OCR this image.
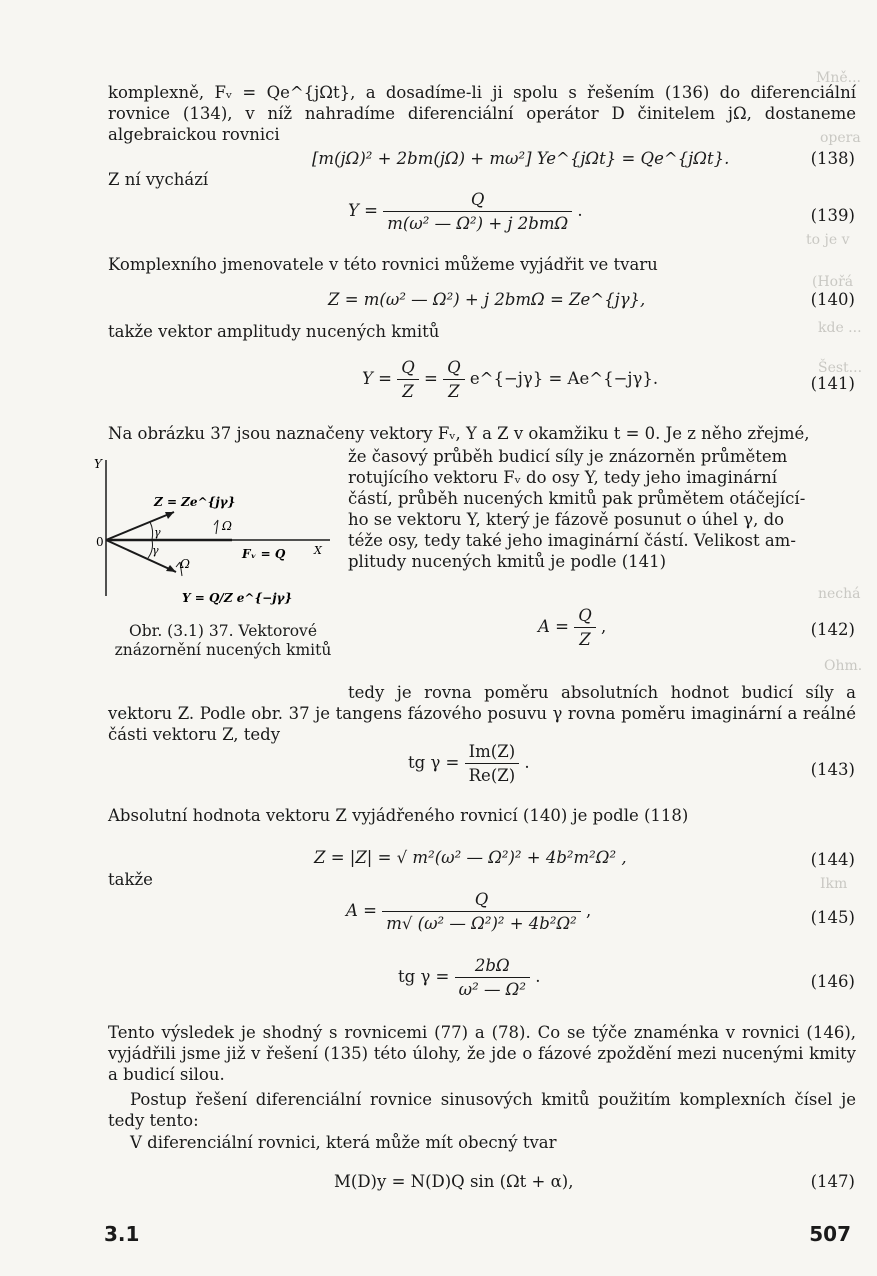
Mně...
opera
to je v
(Hořá
kde ...
Šest...
nechá
Ohm.
Ikm
komplexně, Fᵥ = Qe^{jΩt}, a dosadíme-li ji spolu s řešením (136) do diferenciální rovnice (134), v níž nahradíme diferenciální operátor D činitelem jΩ, dostaneme algebraickou rovnici
[m(jΩ)² + 2bm(jΩ) + mω²] Ye^{jΩt} = Qe^{jΩt}.	(138)
Z ní vychází
$Y = \frac{Q}{\text{m(ω² — Ω²) + j 2bmΩ}}$ .	(139)
Komplexního jmenovatele v této rovnici můžeme vyjádřit ve tvaru
Z = m(ω² — Ω²) + j 2bmΩ = Ze^{jγ},	(140)
takže vektor amplitudy nucených kmitů
$Y = \frac{Q}{Z} = \frac{Q}{Z}$ e^{−jγ} = Ae^{−jγ}.	(141)
Na obrázku 37 jsou naznačeny vektory Fᵥ, Y a Z v okamžiku t = 0. Je z něho zřejmé,
že časový průběh budicí síly je znázorněn průmětem
rotujícího vektoru Fᵥ do osy Y, tedy jeho imaginární
částí, průběh nucených kmitů pak průmětem otáčející-
ho se vektoru Y, který je fázově posunut o úhel γ, do
téže osy, tedy také jeho imaginární částí. Velikost am-
plitudy nucených kmitů je podle (141)
Y
X
0
Z = Ze^{jγ}
Fᵥ = Q
Y = Q/Z e^{−jγ}
Ω
Ω
γ
γ
Obr. (3.1) 37. Vektorové znázornění nucených kmitů
$A = \frac{Q}{Z}$ ,	(142)
tedy je rovna poměru absolutních hodnot budicí síly a vektoru Z. Podle obr. 37 je tangens fázového posuvu γ rovna poměru imaginární a reálné části vektoru Z, tedy
tg $\gamma = \frac{Im(Z)}{Re(Z)}$ .	(143)
Absolutní hodnota vektoru Z vyjádřeného rovnicí (140) je podle (118)
Z = |Z| = √ m²(ω² — Ω²)² + 4b²m²Ω² ,	(144)
takže
$A = \frac{Q}{\text{m√ (ω² — Ω²)² + 4b²Ω²}}$ ,	(145)
tg $\gamma = \frac{2b\Omega}{\text{ω² — Ω²}}$ .	(146)
Tento výsledek je shodný s rovnicemi (77) a (78). Co se týče znaménka v rovnici (146), vyjádřili jsme již v řešení (135) této úlohy, že jde o fázové zpoždění mezi nucenými kmity a budicí silou.
Postup řešení diferenciální rovnice sinusových kmitů použitím komplexních čísel je tedy tento:
V diferenciální rovnici, která může mít obecný tvar
M(D)y = N(D)Q sin (Ωt + α),	(147)
3.1	507
